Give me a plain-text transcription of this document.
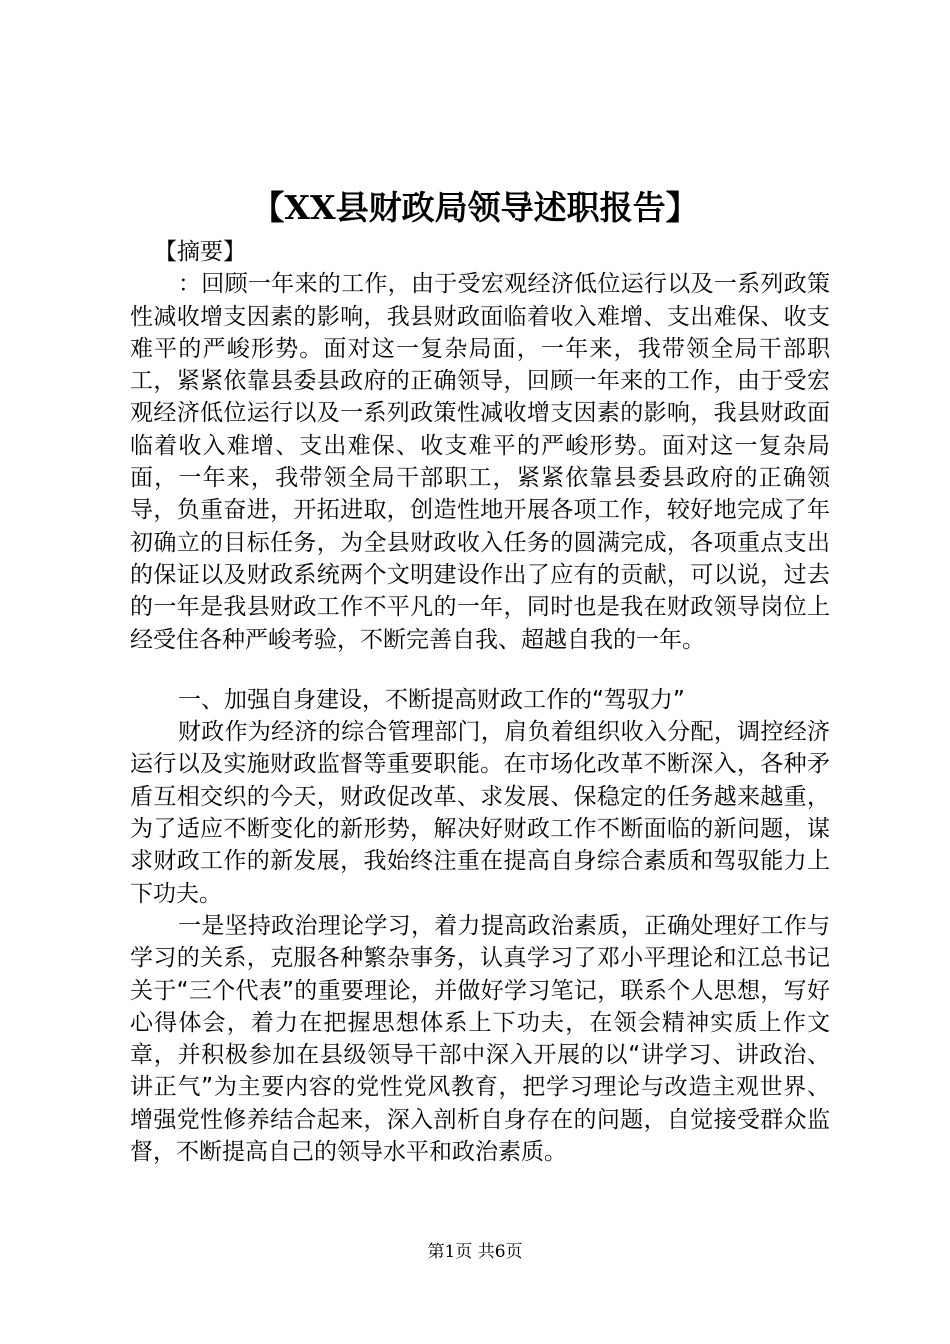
【XX县财政局领导述职报告】

【摘要】

：回顾一年来的工作，由于受宏观经济低位运行以及一系列政策性减收增支因素的影响，我县财政面临着收入难增、支出难保、收支难平的严峻形势。面对这一复杂局面，一年来，我带领全局干部职工，紧紧依靠县委县政府的正确领导，回顾一年来的工作，由于受宏观经济低位运行以及一系列政策性减收增支因素的影响，我县财政面临着收入难增、支出难保、收支难平的严峻形势。面对这一复杂局面，一年来，我带领全局干部职工，紧紧依靠县委县政府的正确领导，负重奋进，开拓进取，创造性地开展各项工作，较好地完成了年初确立的目标任务，为全县财政收入任务的圆满完成，各项重点支出的保证以及财政系统两个文明建设作出了应有的贡献，可以说，过去的一年是我县财政工作不平凡的一年，同时也是我在财政领导岗位上经受住各种严峻考验，不断完善自我、超越自我的一年。

一、加强自身建设，不断提高财政工作的“驾驭力”

财政作为经济的综合管理部门，肩负着组织收入分配，调控经济运行以及实施财政监督等重要职能。在市场化改革不断深入，各种矛盾互相交织的今天，财政促改革、求发展、保稳定的任务越来越重，为了适应不断变化的新形势，解决好财政工作不断面临的新问题，谋求财政工作的新发展，我始终注重在提高自身综合素质和驾驭能力上下功夫。

一是坚持政治理论学习，着力提高政治素质，正确处理好工作与学习的关系，克服各种繁杂事务，认真学习了邓小平理论和江总书记关于“三个代表”的重要理论，并做好学习笔记，联系个人思想，写好心得体会，着力在把握思想体系上下功夫，在领会精神实质上作文章，并积极参加在县级领导干部中深入开展的以“讲学习、讲政治、讲正气”为主要内容的党性党风教育，把学习理论与改造主观世界、增强党性修养结合起来，深入剖析自身存在的问题，自觉接受群众监督，不断提高自己的领导水平和政治素质。

第1页 共6页
